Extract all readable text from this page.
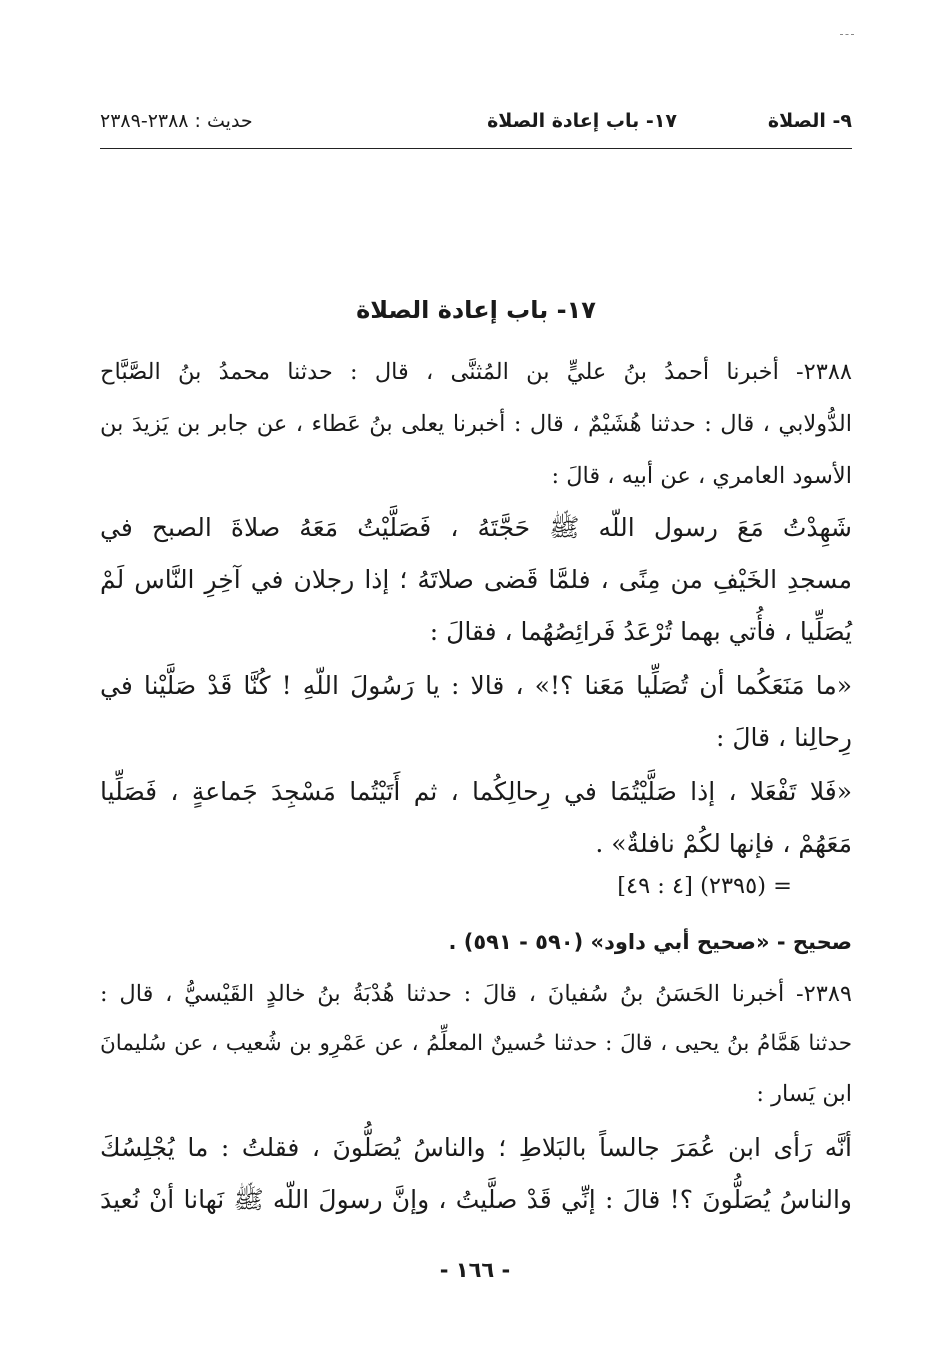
٩- الصلاة
١٧- باب إعادة الصلاة
حديث : ٢٣٨٨-٢٣٨٩
١٧- باب إعادة الصلاة
٢٣٨٨- أخبرنا أحمدُ بنُ عليٍّ بن المُثنَّى ، قال : حدثنا محمدُ بنُ الصَّبَّاح
الدُّولابي ، قال : حدثنا هُشَيْمٌ ، قال : أخبرنا يعلى بنُ عَطاء ، عن جابر بن يَزيدَ بن
الأسود العامري ، عن أبيه ، قالَ :
شَهِدْتُ مَعَ رسول اللّه ﷺ حَجَّتَهُ ، فَصَلَّيْتُ مَعَهُ صلاةَ الصبح في
مسجدِ الخَيْفِ من مِنًى ، فلمَّا قَضى صلاتَهُ ؛ إذا رجلان في آخِرِ النَّاس لَمْ
يُصَلِّيا ، فأُتي بهما تُرْعَدُ فَرائِصُهُما ، فقالَ :
«ما مَنَعَكُما أن تُصَلِّيا مَعَنا ؟!» ، قالا : يا رَسُولَ اللّهِ ! كُنَّا قَدْ صَلَّيْنا في
رِحالِنا ، قالَ :
«فَلا تَفْعَلا ، إذا صَلَّيْتُمَا في رِحالِكُما ، ثم أَتَيْتُما مَسْجِدَ جَماعةٍ ، فَصَلِّيا
مَعَهُمْ ، فإنها لكُمْ نافلةٌ» .
= (٢٣٩٥) [٤ : ٤٩]
صحيح - «صحيح أبي داود» (٥٩٠ - ٥٩١) .
٢٣٨٩- أخبرنا الحَسَنُ بنُ سُفيانَ ، قالَ : حدثنا هُدْبَةُ بنُ خالدٍ القَيْسيُّ ، قال :
حدثنا هَمَّامُ بنُ يحيى ، قالَ : حدثنا حُسينٌ المعلِّمُ ، عن عَمْرِو بن شُعيب ، عن سُليمانَ
ابن يَسار :
أنَّه رَأى ابن عُمَرَ جالساً بالبَلاطِ ؛ والناسُ يُصَلُّونَ ، فقلتُ : ما يُجْلِسُكَ
والناسُ يُصَلُّونَ ؟! قالَ : إنِّي قَدْ صلَّيتُ ، وإنَّ رسولَ اللّه ﷺ نَهانا أنْ نُعيدَ
- ١٦٦ -
